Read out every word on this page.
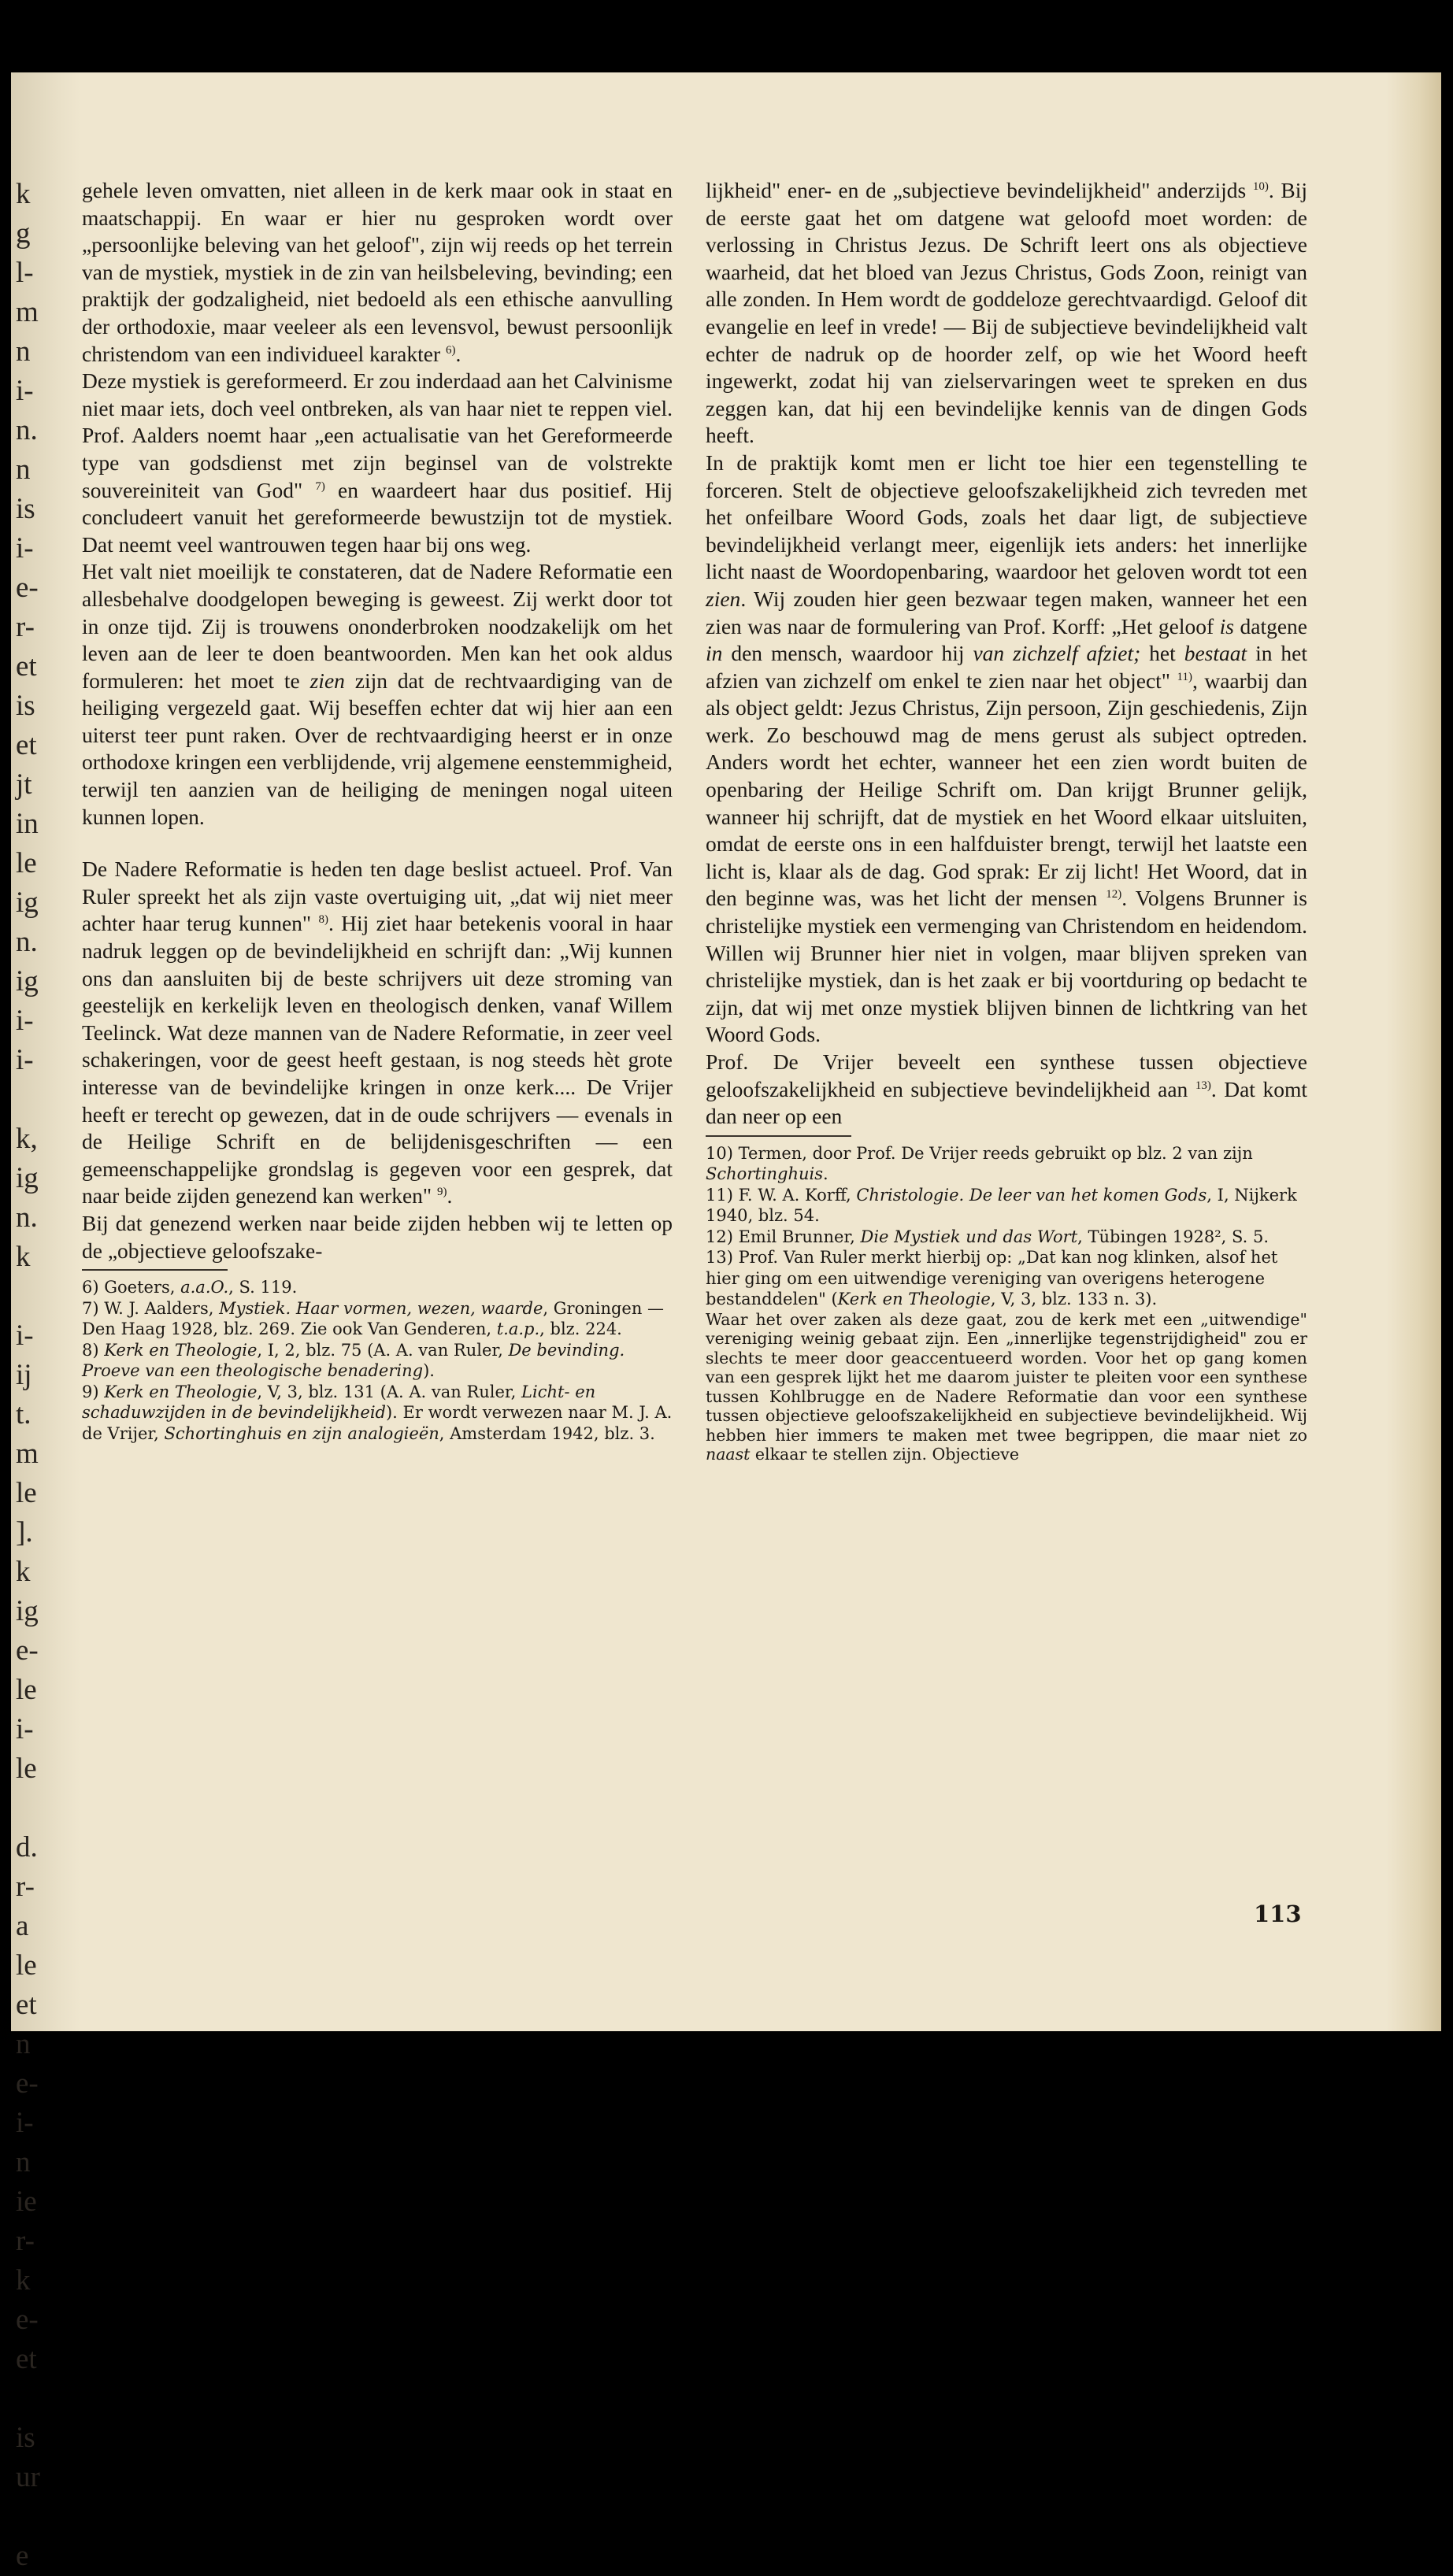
k
g
l-
m
n
i-
n.
n
is
i-
e-
r-
et
is
et
jt
in
le
ig
n.
ig
i-
i-
k,
ig
n.
k
i-
ij
t.
m
le
].
k
ig
e-
le
i-
le
d.
r-
a
le
et
n
e-
i-
n
ie
r-
k
e-
et
is
ur
e

gehele leven omvatten, niet alleen in de kerk maar ook in staat en maatschappij. En waar er hier nu gesproken wordt over „persoonlijke beleving van het geloof", zijn wij reeds op het terrein van de mystiek, mystiek in de zin van heilsbeleving, bevinding; een praktijk der godzaligheid, niet bedoeld als een ethische aanvulling der orthodoxie, maar veeleer als een levensvol, bewust persoonlijk christendom van een individueel karakter $^{6)}$.

Deze mystiek is gereformeerd. Er zou inderdaad aan het Calvinisme niet maar iets, doch veel ontbreken, als van haar niet te reppen viel. Prof. Aalders noemt haar „een actualisatie van het Gereformeerde type van godsdienst met zijn beginsel van de volstrekte souvereiniteit van God" $^{7)}$ en waardeert haar dus positief. Hij concludeert vanuit het gereformeerde bewustzijn tot de mystiek. Dat neemt veel wantrouwen tegen haar bij ons weg.

Het valt niet moeilijk te constateren, dat de Nadere Reformatie een allesbehalve doodgelopen beweging is geweest. Zij werkt door tot in onze tijd. Zij is trouwens ononderbroken noodzakelijk om het leven aan de leer te doen beantwoorden. Men kan het ook aldus formuleren: het moet te zien zijn dat de rechtvaardiging van de heiliging vergezeld gaat. Wij beseffen echter dat wij hier aan een uiterst teer punt raken. Over de rechtvaardiging heerst er in onze orthodoxe kringen een verblijdende, vrij algemene eenstemmigheid, terwijl ten aanzien van de heiliging de meningen nogal uiteen kunnen lopen.

De Nadere Reformatie is heden ten dage beslist actueel. Prof. Van Ruler spreekt het als zijn vaste overtuiging uit, „dat wij niet meer achter haar terug kunnen" $^{8)}$. Hij ziet haar betekenis vooral in haar nadruk leggen op de bevindelijkheid en schrijft dan: „Wij kunnen ons dan aansluiten bij de beste schrijvers uit deze stroming van geestelijk en kerkelijk leven en theologisch denken, vanaf Willem Teelinck. Wat deze mannen van de Nadere Reformatie, in zeer veel schakeringen, voor de geest heeft gestaan, is nog steeds hèt grote interesse van de bevindelijke kringen in onze kerk.... De Vrijer heeft er terecht op gewezen, dat in de oude schrijvers — evenals in de Heilige Schrift en de belijdenisgeschriften — een gemeenschappelijke grondslag is gegeven voor een gesprek, dat naar beide zijden genezend kan werken" $^{9)}$.

Bij dat genezend werken naar beide zijden hebben wij te letten op de „objectieve geloofszake-

6) Goeters, a.a.O., S. 119.

7) W. J. Aalders, Mystiek. Haar vormen, wezen, waarde, Groningen — Den Haag 1928, blz. 269. Zie ook Van Genderen, t.a.p., blz. 224.

8) Kerk en Theologie, I, 2, blz. 75 (A. A. van Ruler, De bevinding. Proeve van een theologische benadering).

9) Kerk en Theologie, V, 3, blz. 131 (A. A. van Ruler, Licht- en schaduwzijden in de bevindelijkheid). Er wordt verwezen naar M. J. A. de Vrijer, Schortinghuis en zijn analogieën, Amsterdam 1942, blz. 3.

lijkheid" ener- en de „subjectieve bevindelijkheid" anderzijds $^{10)}$. Bij de eerste gaat het om datgene wat geloofd moet worden: de verlossing in Christus Jezus. De Schrift leert ons als objectieve waarheid, dat het bloed van Jezus Christus, Gods Zoon, reinigt van alle zonden. In Hem wordt de goddeloze gerechtvaardigd. Geloof dit evangelie en leef in vrede! — Bij de subjectieve bevindelijkheid valt echter de nadruk op de hoorder zelf, op wie het Woord heeft ingewerkt, zodat hij van zielservaringen weet te spreken en dus zeggen kan, dat hij een bevindelijke kennis van de dingen Gods heeft.

In de praktijk komt men er licht toe hier een tegenstelling te forceren. Stelt de objectieve geloofszakelijkheid zich tevreden met het onfeilbare Woord Gods, zoals het daar ligt, de subjectieve bevindelijkheid verlangt meer, eigenlijk iets anders: het innerlijke licht naast de Woordopenbaring, waardoor het geloven wordt tot een zien. Wij zouden hier geen bezwaar tegen maken, wanneer het een zien was naar de formulering van Prof. Korff: „Het geloof is datgene in den mensch, waardoor hij van zichzelf afziet; het bestaat in het afzien van zichzelf om enkel te zien naar het object" $^{11)}$, waarbij dan als object geldt: Jezus Christus, Zijn persoon, Zijn geschiedenis, Zijn werk. Zo beschouwd mag de mens gerust als subject optreden. Anders wordt het echter, wanneer het een zien wordt buiten de openbaring der Heilige Schrift om. Dan krijgt Brunner gelijk, wanneer hij schrijft, dat de mystiek en het Woord elkaar uitsluiten, omdat de eerste ons in een halfduister brengt, terwijl het laatste een licht is, klaar als de dag. God sprak: Er zij licht! Het Woord, dat in den beginne was, was het licht der mensen $^{12)}$. Volgens Brunner is christelijke mystiek een vermenging van Christendom en heidendom. Willen wij Brunner hier niet in volgen, maar blijven spreken van christelijke mystiek, dan is het zaak er bij voortduring op bedacht te zijn, dat wij met onze mystiek blijven binnen de lichtkring van het Woord Gods.

Prof. De Vrijer beveelt een synthese tussen objectieve geloofszakelijkheid en subjectieve bevindelijkheid aan $^{13)}$. Dat komt dan neer op een

10) Termen, door Prof. De Vrijer reeds gebruikt op blz. 2 van zijn Schortinghuis.

11) F. W. A. Korff, Christologie. De leer van het komen Gods, I, Nijkerk 1940, blz. 54.

12) Emil Brunner, Die Mystiek und das Wort, Tübingen 1928², S. 5.

13) Prof. Van Ruler merkt hierbij op: „Dat kan nog klinken, alsof het hier ging om een uitwendige vereniging van overigens heterogene bestanddelen" (Kerk en Theologie, V, 3, blz. 133 n. 3).

Waar het over zaken als deze gaat, zou de kerk met een „uitwendige" vereniging weinig gebaat zijn. Een „innerlijke tegenstrijdigheid" zou er slechts te meer door geaccentueerd worden. Voor het op gang komen van een gesprek lijkt het me daarom juister te pleiten voor een synthese tussen Kohlbrugge en de Nadere Reformatie dan voor een synthese tussen objectieve geloofszakelijkheid en subjectieve bevindelijkheid. Wij hebben hier immers te maken met twee begrippen, die maar niet zo naast elkaar te stellen zijn. Objectieve

113
